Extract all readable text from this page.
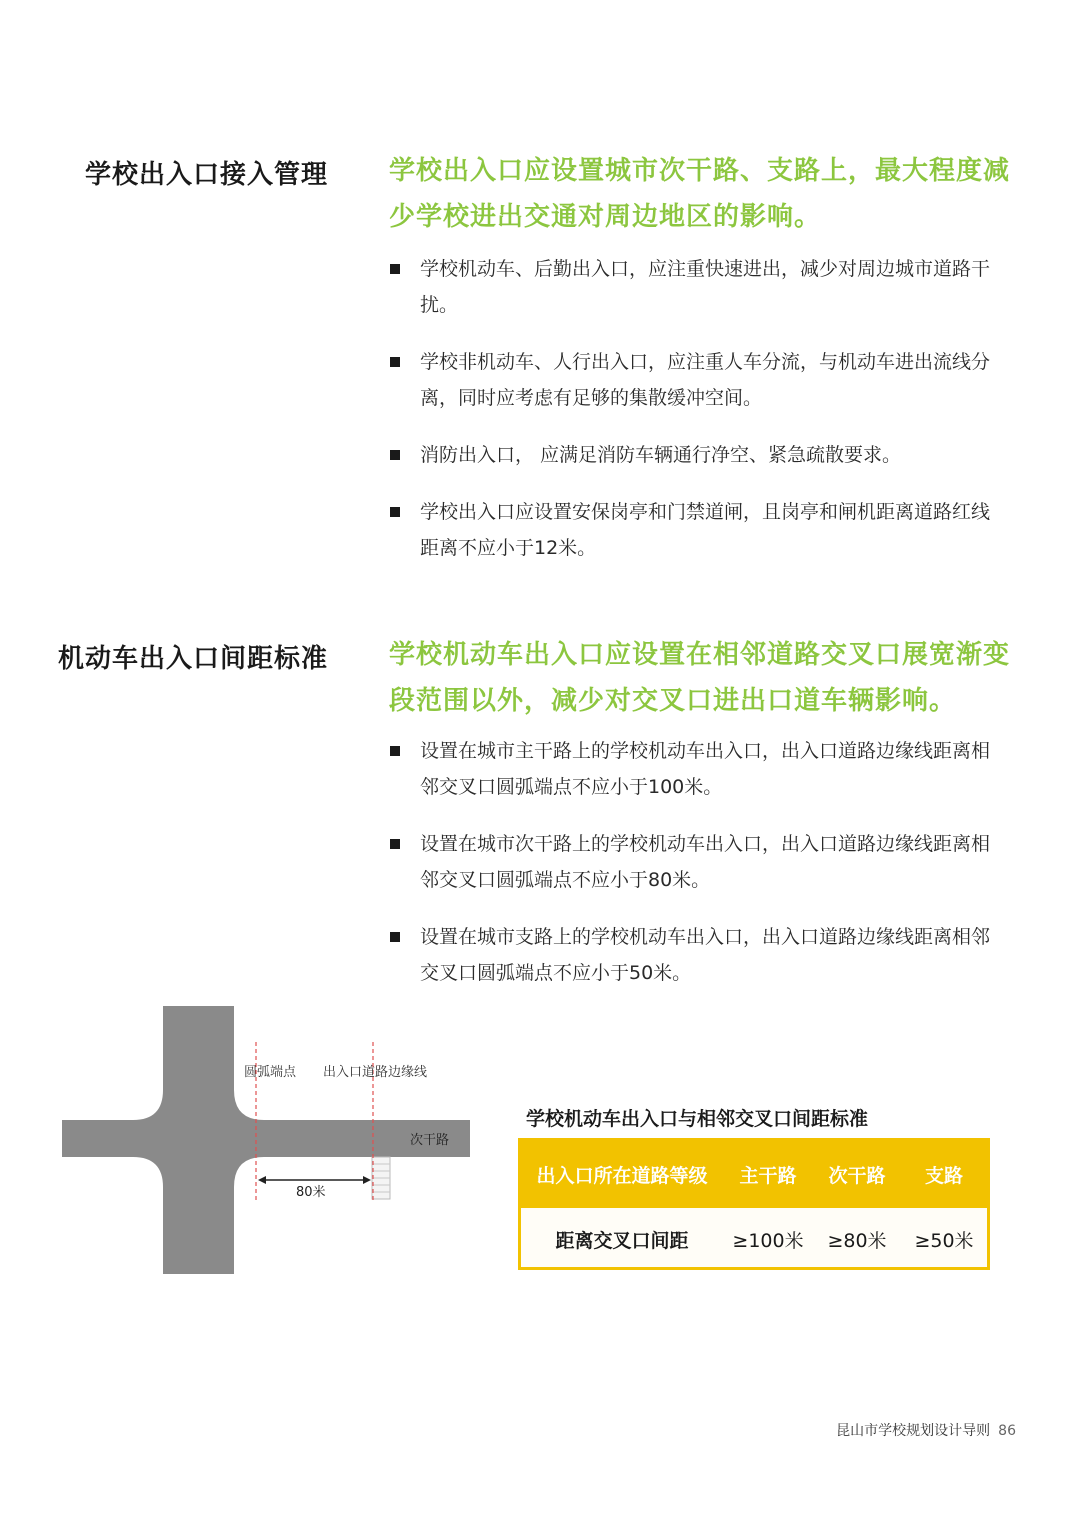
学校出入口接入管理 学校出入口应设置城市次干路、支路上，最大程度减少学校进出交通对周边地区的影响。
学校机动车、后勤出入口，应注重快速进出，减少对周边城市道路干扰。
学校非机动车、人行出入口，应注重人车分流，与机动车进出流线分离，同时应考虑有足够的集散缓冲空间。
消防出入口， 应满足消防车辆通行净空、紧急疏散要求。
学校出入口应设置安保岗亭和门禁道闸，且岗亭和闸机距离道路红线距离不应小于12米。
机动车出入口间距标准 学校机动车出入口应设置在相邻道路交叉口展宽渐变段范围以外，减少对交叉口进出口道车辆影响。
设置在城市主干路上的学校机动车出入口，出入口道路边缘线距离相邻交叉口圆弧端点不应小于100米。
设置在城市次干路上的学校机动车出入口，出入口道路边缘线距离相邻交叉口圆弧端点不应小于80米。
设置在城市支路上的学校机动车出入口，出入口道路边缘线距离相邻交叉口圆弧端点不应小于50米。
圆弧端点 出入口道路边缘线
次干路
80米
学校机动车出入口与相邻交叉口间距标准
出入口所在道路等级	主干路	次干路	支路
距离交叉口间距	≥100米	≥80米	≥50米
昆山市学校规划设计导则 86
